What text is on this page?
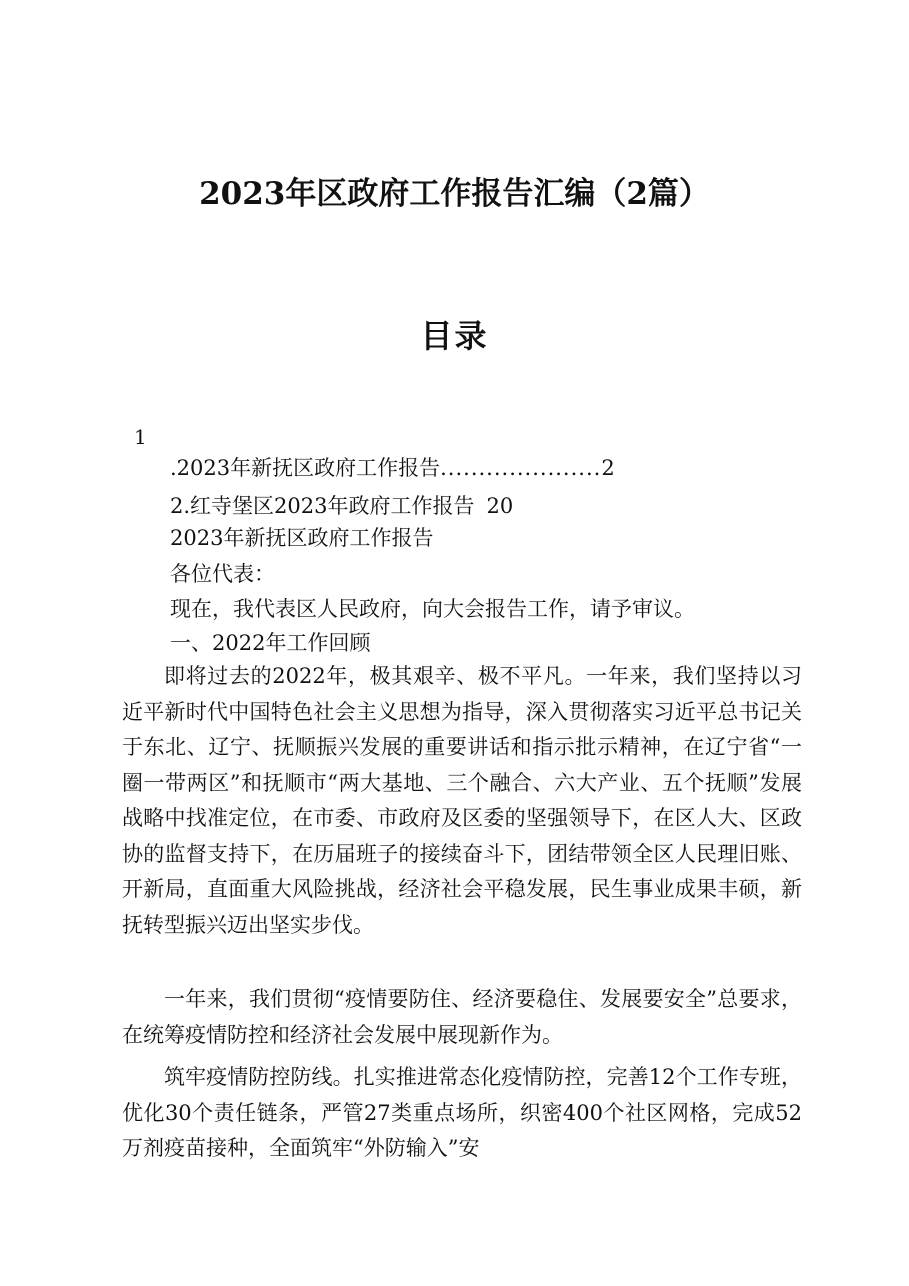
2023年区政府工作报告汇编（2篇）
目录
1
.2023年新抚区政府工作报告.....................2
2.红寺堡区2023年政府工作报告 20
2023年新抚区政府工作报告
各位代表：
现在，我代表区人民政府，向大会报告工作，请予审议。
一、2022年工作回顾
即将过去的2022年，极其艰辛、极不平凡。一年来，我们坚持以习近平新时代中国特色社会主义思想为指导，深入贯彻落实习近平总书记关于东北、辽宁、抚顺振兴发展的重要讲话和指示批示精神，在辽宁省“一圈一带两区”和抚顺市“两大基地、三个融合、六大产业、五个抚顺”发展战略中找准定位，在市委、市政府及区委的坚强领导下，在区人大、区政协的监督支持下，在历届班子的接续奋斗下，团结带领全区人民理旧账、开新局，直面重大风险挑战，经济社会平稳发展，民生事业成果丰硕，新抚转型振兴迈出坚实步伐。
一年来，我们贯彻“疫情要防住、经济要稳住、发展要安全”总要求，在统筹疫情防控和经济社会发展中展现新作为。
筑牢疫情防控防线。扎实推进常态化疫情防控，完善12个工作专班，优化30个责任链条，严管27类重点场所，织密400个社区网格，完成52万剂疫苗接种，全面筑牢“外防输入”安
